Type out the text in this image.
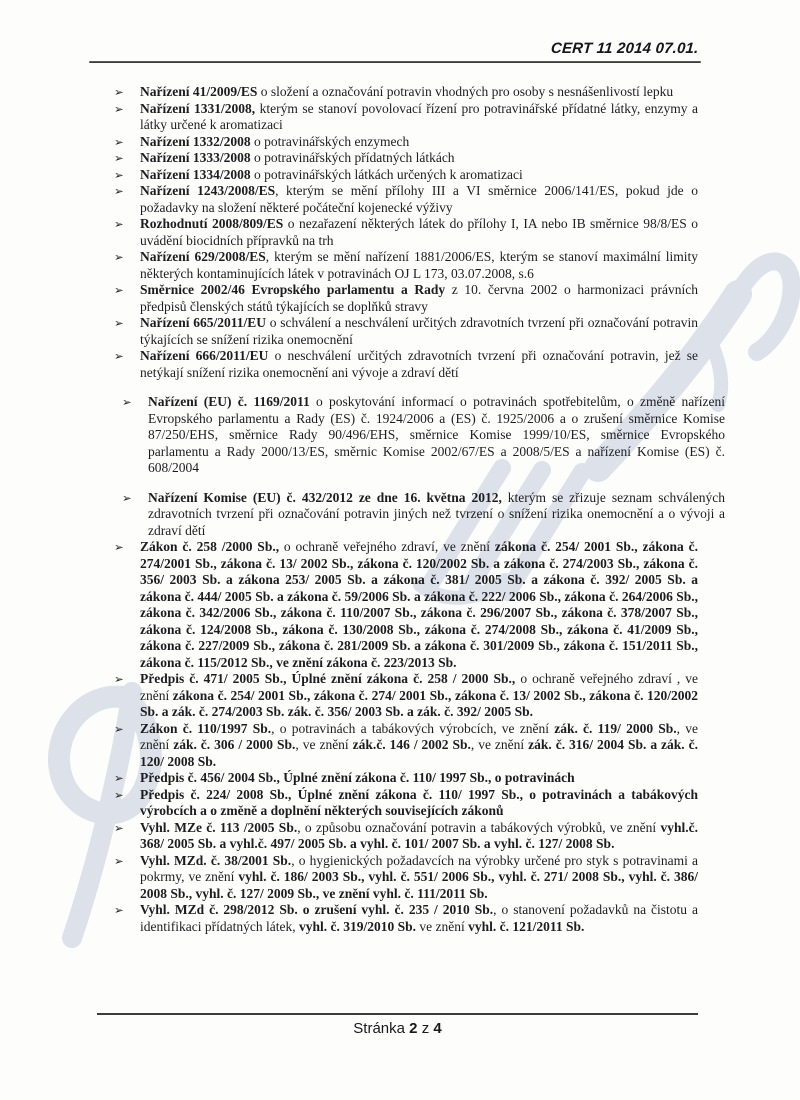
CERT 11 2014 07.01.
➢ Nařízení 41/2009/ES o složení a označování potravin vhodných pro osoby s nesnášenlivostí lepku
➢ Nařízení 1331/2008, kterým se stanoví povolovací řízení pro potravinářské přídatné látky, enzymy a látky určené k aromatizaci
➢ Nařízení 1332/2008 o potravinářských enzymech
➢ Nařízení 1333/2008 o potravinářských přídatných látkách
➢ Nařízení 1334/2008 o potravinářských látkách určených k aromatizaci
➢ Nařízení 1243/2008/ES, kterým se mění přílohy III a VI směrnice 2006/141/ES, pokud jde o požadavky na složení některé počáteční kojenecké výživy
➢ Rozhodnutí 2008/809/ES o nezařazení některých látek do přílohy I, IA nebo IB směrnice 98/8/ES o uvádění biocidních přípravků na trh
➢ Nařízení 629/2008/ES, kterým se mění nařízení 1881/2006/ES, kterým se stanoví maximální limity některých kontaminujících látek v potravinách OJ L 173, 03.07.2008, s.6
➢ Směrnice 2002/46 Evropského parlamentu a Rady z 10. června 2002 o harmonizaci právních předpisů členských států týkajících se doplňků stravy
➢ Nařízení 665/2011/EU o schválení a neschválení určitých zdravotních tvrzení při označování potravin týkajících se snížení rizika onemocnění
➢ Nařízení 666/2011/EU o neschválení určitých zdravotních tvrzení při označování potravin, jež se netýkají snížení rizika onemocnění ani vývoje a zdraví dětí
➢ Nařízení (EU) č. 1169/2011 o poskytování informací o potravinách spotřebitelům, o změně nařízení Evropského parlamentu a Rady (ES) č. 1924/2006 a (ES) č. 1925/2006 a o zrušení směrnice Komise 87/250/EHS, směrnice Rady 90/496/EHS, směrnice Komise 1999/10/ES, směrnice Evropského parlamentu a Rady 2000/13/ES, směrnic Komise 2002/67/ES a 2008/5/ES a nařízení Komise (ES) č. 608/2004
➢ Nařízení Komise (EU) č. 432/2012 ze dne 16. května 2012, kterým se zřizuje seznam schválených zdravotních tvrzení při označování potravin jiných než tvrzení o snížení rizika onemocnění a o vývoji a zdraví dětí
➢ Zákon č. 258 /2000 Sb., o ochraně veřejného zdraví, ve znění zákona č. 254/ 2001 Sb., zákona č. 274/2001 Sb., zákona č. 13/ 2002 Sb., zákona č. 120/2002 Sb. a zákona č. 274/2003 Sb., zákona č. 356/ 2003 Sb. a zákona 253/ 2005 Sb. a zákona č. 381/ 2005 Sb. a zákona č. 392/ 2005 Sb. a zákona č. 444/ 2005 Sb. a zákona č. 59/2006 Sb. a zákona č. 222/ 2006 Sb., zákona č. 264/2006 Sb., zákona č. 342/2006 Sb., zákona č. 110/2007 Sb., zákona č. 296/2007 Sb., zákona č. 378/2007 Sb., zákona č. 124/2008 Sb., zákona č. 130/2008 Sb., zákona č. 274/2008 Sb., zákona č. 41/2009 Sb., zákona č. 227/2009 Sb., zákona č. 281/2009 Sb. a zákona č. 301/2009 Sb., zákona č. 151/2011 Sb., zákona č. 115/2012 Sb., ve znění zákona č. 223/2013 Sb.
➢ Předpis č. 471/ 2005 Sb., Úplné znění zákona č. 258 / 2000 Sb., o ochraně veřejného zdraví , ve znění zákona č. 254/ 2001 Sb., zákona č. 274/ 2001 Sb., zákona č. 13/ 2002 Sb., zákona č. 120/2002 Sb. a zák. č. 274/2003 Sb. zák. č. 356/ 2003 Sb. a zák. č. 392/ 2005 Sb.
➢ Zákon č. 110/1997 Sb., o potravinách a tabákových výrobcích, ve znění zák. č. 119/ 2000 Sb., ve znění zák. č. 306 / 2000 Sb., ve znění zák.č. 146 / 2002 Sb., ve znění zák. č. 316/ 2004 Sb. a zák. č. 120/ 2008 Sb.
➢ Předpis č. 456/ 2004 Sb., Úplné znění zákona č. 110/ 1997 Sb., o potravinách
➢ Předpis č. 224/ 2008 Sb., Úplné znění zákona č. 110/ 1997 Sb., o potravinách a tabákových výrobcích a o změně a doplnění některých souvisejících zákonů
➢ Vyhl. MZe č. 113 /2005 Sb., o způsobu označování potravin a tabákových výrobků, ve znění vyhl.č. 368/ 2005 Sb. a vyhl.č. 497/ 2005 Sb. a vyhl. č. 101/ 2007 Sb. a vyhl. č. 127/ 2008 Sb.
➢ Vyhl. MZd. č. 38/2001 Sb., o hygienických požadavcích na výrobky určené pro styk s potravinami a pokrmy, ve znění vyhl. č. 186/ 2003 Sb., vyhl. č. 551/ 2006 Sb., vyhl. č. 271/ 2008 Sb., vyhl. č. 386/ 2008 Sb., vyhl. č. 127/ 2009 Sb., ve znění vyhl. č. 111/2011 Sb.
➢ Vyhl. MZd č. 298/2012 Sb. o zrušení vyhl. č. 235 / 2010 Sb., o stanovení požadavků na čistotu a identifikaci přídatných látek, vyhl. č. 319/2010 Sb. ve znění vyhl. č. 121/2011 Sb.
Stránka 2 z 4
